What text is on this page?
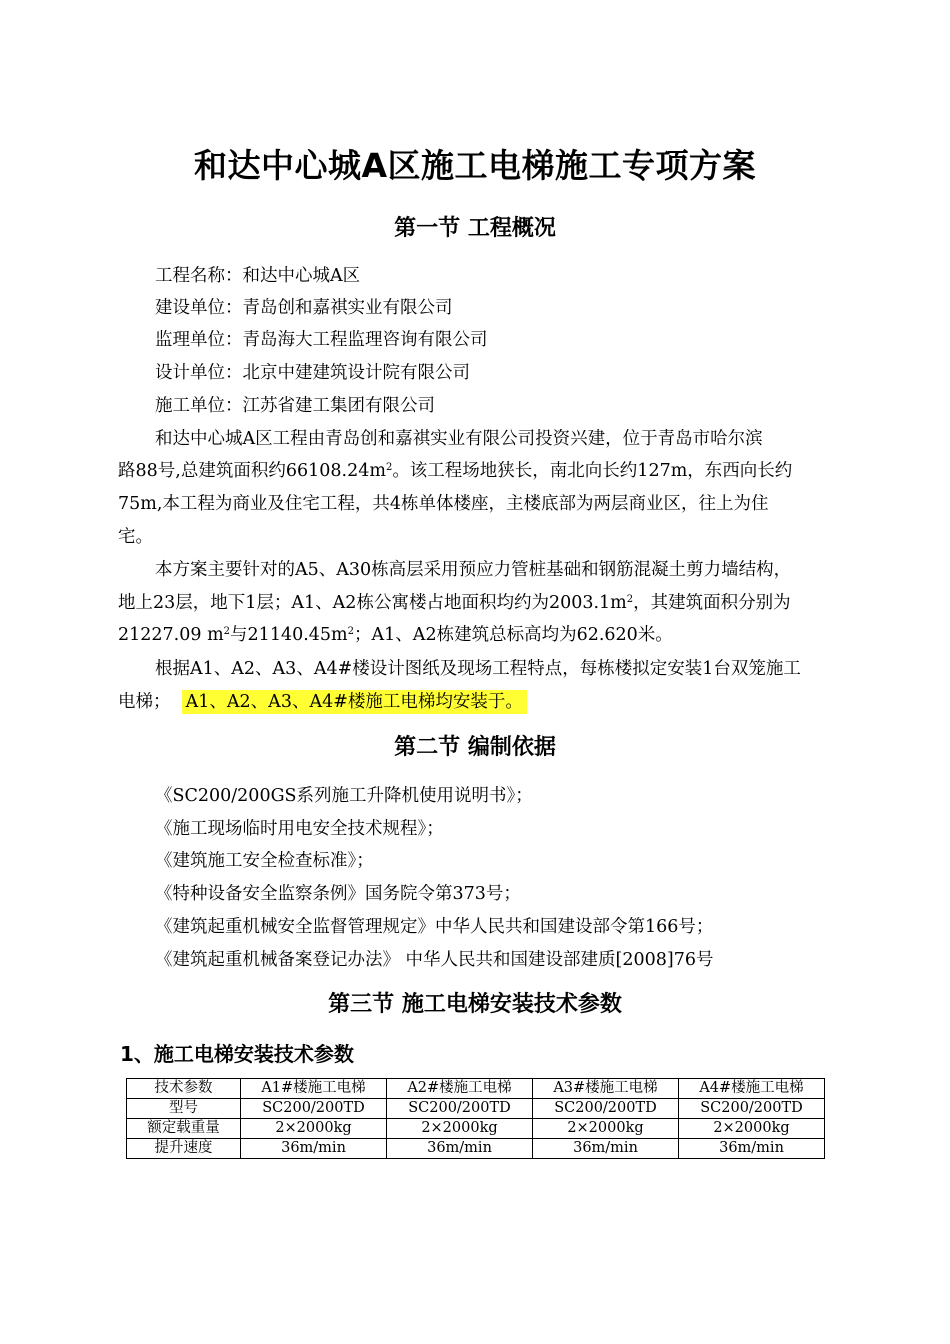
和达中心城A区施工电梯施工专项方案
第一节 工程概况
工程名称：和达中心城A区
建设单位：青岛创和嘉祺实业有限公司
监理单位：青岛海大工程监理咨询有限公司
设计单位：北京中建建筑设计院有限公司
施工单位：江苏省建工集团有限公司
和达中心城A区工程由青岛创和嘉祺实业有限公司投资兴建，位于青岛市哈尔滨
路88号,总建筑面积约$66108.24m^2$。该工程场地狭长，南北向长约127m，东西向长约
75m,本工程为商业及住宅工程，共4栋单体楼座，主楼底部为两层商业区，往上为住
宅。
本方案主要针对的A5、A30栋高层采用预应力管桩基础和钢筋混凝土剪力墙结构，
地上23层，地下1层；A1、A2栋公寓楼占地面积均约为$2003.1m^2$，其建筑面积分别为
21227.09 $m^2$与$21140.45m^2$；A1、A2栋建筑总标高均为62.620米。
根据A1、A2、A3、A4#楼设计图纸及现场工程特点，每栋楼拟定安装1台双笼施工
电梯； A1、A2、A3、A4#楼施工电梯均安装于。
第二节 编制依据
《SC200/200GS系列施工升降机使用说明书》；
《施工现场临时用电安全技术规程》；
《建筑施工安全检查标准》；
《特种设备安全监察条例》国务院令第373号；
《建筑起重机械安全监督管理规定》中华人民共和国建设部令第166号；
《建筑起重机械备案登记办法》 中华人民共和国建设部建质[2008]76号
第三节 施工电梯安装技术参数
1、施工电梯安装技术参数
技术参数	A1#楼施工电梯	A2#楼施工电梯	A3#楼施工电梯	A4#楼施工电梯
型号	SC200/200TD	SC200/200TD	SC200/200TD	SC200/200TD
额定载重量	2×2000kg	2×2000kg	2×2000kg	2×2000kg
提升速度	36m/min	36m/min	36m/min	36m/min
